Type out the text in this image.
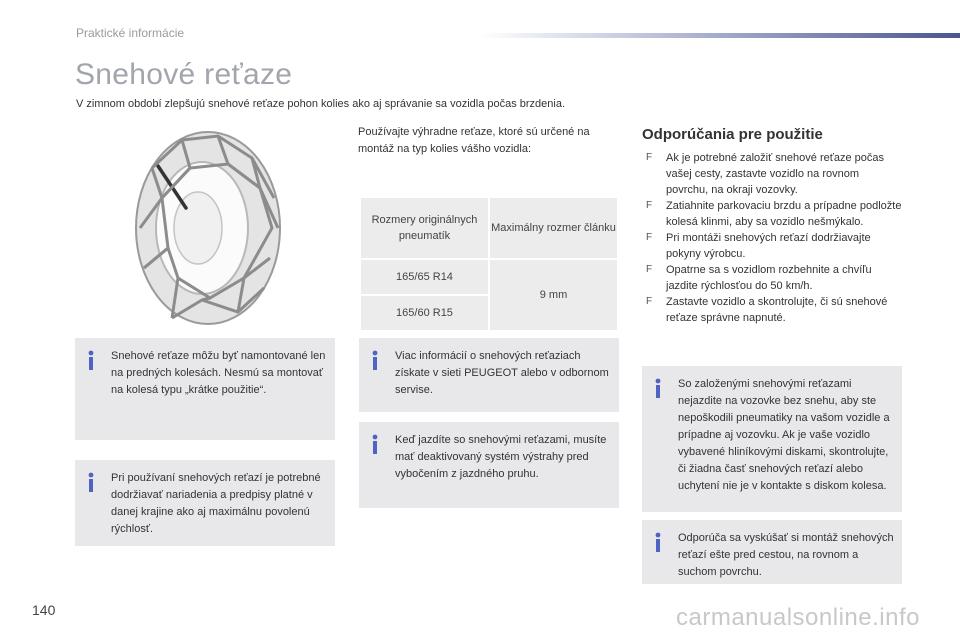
Praktické informácie
Snehové reťaze
V zimnom období zlepšujú snehové reťaze pohon kolies ako aj správanie sa vozidla počas brzdenia.
Používajte výhradne reťaze, ktoré sú určené na montáž na typ kolies vášho vozidla:
Rozmery originálnych pneumatík	Maximálny rozmer článku
165/65 R14	9 mm
165/60 R15	
Odporúčania pre použitie
F Ak je potrebné založiť snehové reťaze počas vašej cesty, zastavte vozidlo na rovnom povrchu, na okraji vozovky.
F Zatiahnite parkovaciu brzdu a prípadne podložte kolesá klinmi, aby sa vozidlo nešmýkalo.
F Pri montáži snehových reťazí dodržiavajte pokyny výrobcu.
F Opatrne sa s vozidlom rozbehnite a chvíľu jazdite rýchlosťou do 50 km/h.
F Zastavte vozidlo a skontrolujte, či sú snehové reťaze správne napnuté.
Snehové reťaze môžu byť namontované len na predných kolesách. Nesmú sa montovať na kolesá typu „krátke použitie“.
Pri používaní snehových reťazí je potrebné dodržiavať nariadenia a predpisy platné v danej krajine ako aj maximálnu povolenú rýchlosť.
Viac informácií o snehových reťaziach získate v sieti PEUGEOT alebo v odbornom servise.
Keď jazdíte so snehovými reťazami, musíte mať deaktivovaný systém výstrahy pred vybočením z jazdného pruhu.
So založenými snehovými reťazami nejazdite na vozovke bez snehu, aby ste nepoškodili pneumatiky na vašom vozidle a prípadne aj vozovku. Ak je vaše vozidlo vybavené hliníkovými diskami, skontrolujte, či žiadna časť snehových reťazí alebo uchytení nie je v kontakte s diskom kolesa.
Odporúča sa vyskúšať si montáž snehových reťazí ešte pred cestou, na rovnom a suchom povrchu.
140	carmanualsonline.info
